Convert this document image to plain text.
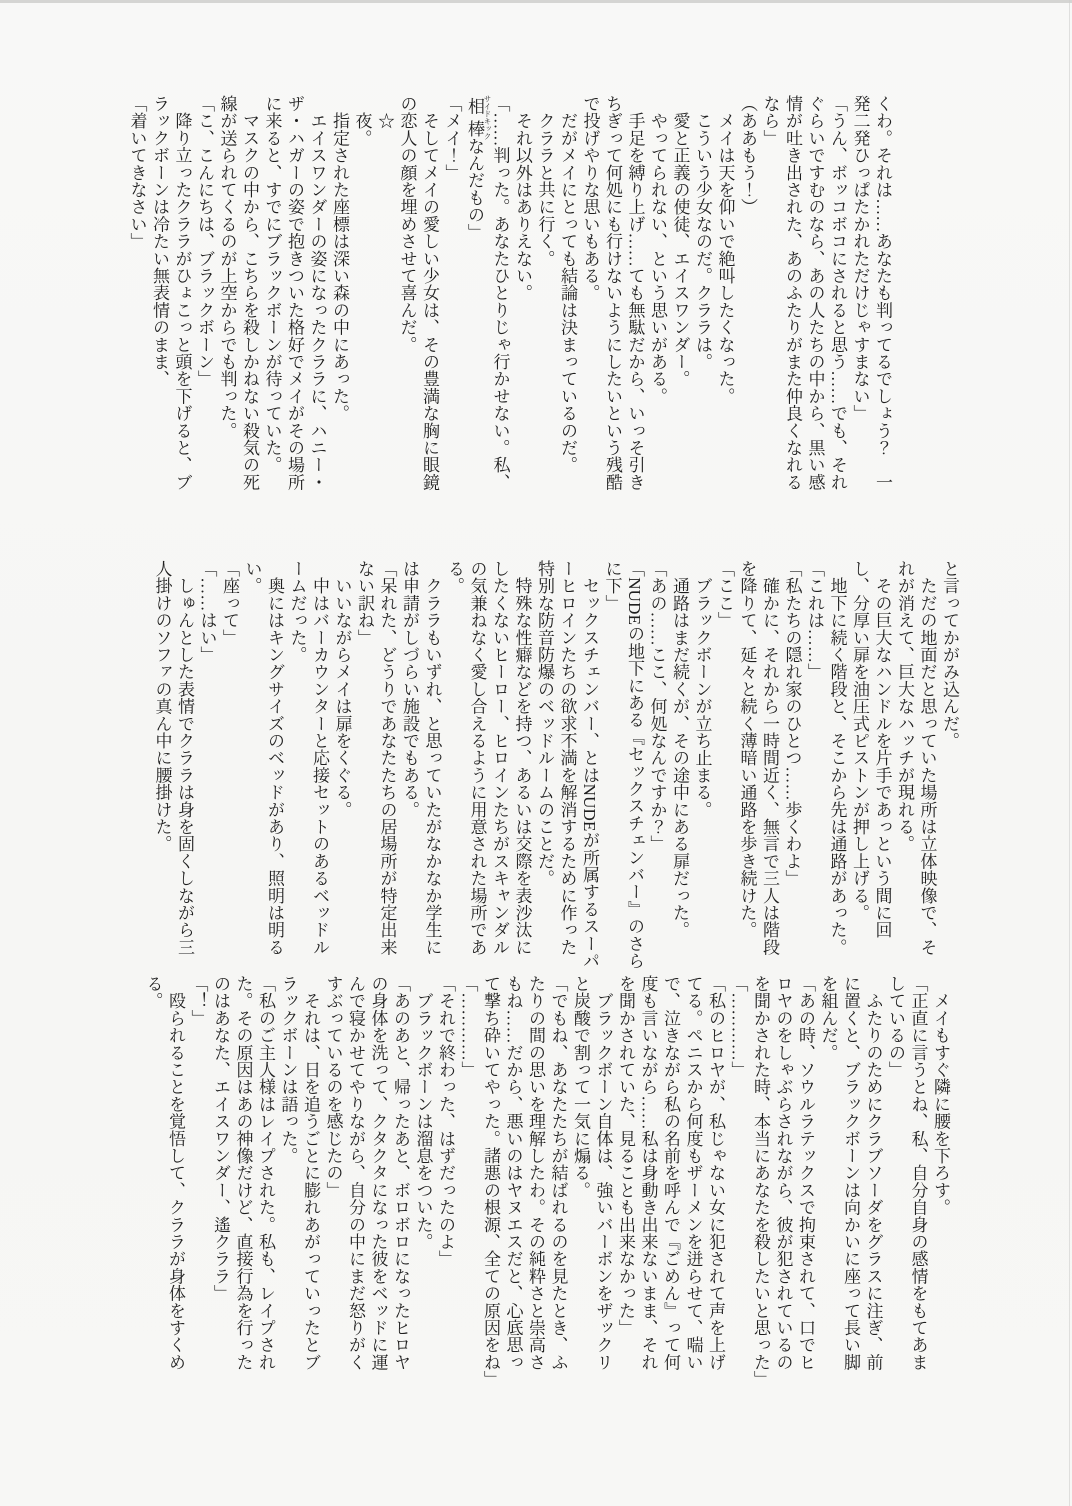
くわ。それは……あなたも判ってるでしょう？　一発二発ひっぱたかれただけじゃすまない」

「うん、ボッコボコにされると思う……でも、それぐらいですむのなら、あの人たちの中から、黒い感情が吐き出された、あのふたりがまた仲良くなれるなら」

（ああもう！）

　メイは天を仰いで絶叫したくなった。

　こういう少女なのだ。クララは。

　愛と正義の使徒、エイスワンダー。

　やってられない、という思いがある。

　手足を縛り上げ……ても無駄だから、いっそ引きちぎって何処にも行けないようにしたいという残酷で投げやりな思いもある。

　だがメイにとっても結論は決まっているのだ。

　クララと共に行く。

　それ以外はありえない。

「……判った。あなたひとりじゃ行かせない。私、相棒 サイドキックなんだもの」

「メイ！」

　そしてメイの愛しい少女は、その豊満な胸に眼鏡の恋人の顔を埋めさせて喜んだ。

　☆

　夜。

　指定された座標は深い森の中にあった。

　エイスワンダーの姿になったクララに、ハニー・ザ・ハガーの姿で抱きついた格好でメイがその場所に来ると、すでにブラックボーンが待っていた。

　マスクの中から、こちらを殺しかねない殺気の死線が送られてくるのが上空からでも判った。

「こ、こんにちは、ブラックボーン」

　降り立ったクララがひょこっと頭を下げると、ブラックボーンは冷たい無表情のまま、

「着いてきなさい」

と言ってかがみ込んだ。

　ただの地面だと思っていた場所は立体映像で、それが消えて、巨大なハッチが現れる。

　その巨大なハンドルを片手であっという間に回し、分厚い扉を油圧式ピストンが押し上げる。

　地下に続く階段と、そこから先は通路があった。

「これは……」

「私たちの隠れ家のひとつ……歩くわよ」

　確かに、それから一時間近く、無言で三人は階段を降りて、延々と続く薄暗い通路を歩き続けた。

「ここ」

　ブラックボーンが立ち止まる。

　通路はまだ続くが、その途中にある扉だった。

「あの……ここ、何処なんですか？」

「NUDEの地下にある『セックスチェンバー』のさらに下」

　セックスチェンバー、とはNUDEが所属するスーパーヒロインたちの欲求不満を解消するために作った特別な防音防爆のベッドルームのことだ。

　特殊な性癖などを持つ、あるいは交際を表沙汰にしたくないヒーロー、ヒロインたちがスキャンダルの気兼ねなく愛し合えるように用意された場所である。

　クララもいずれ、と思っていたがなかなか学生には申請がしづらい施設でもある。

「呆れた、どうりであなたたちの居場所が特定出来ない訳ね」

　いいながらメイは扉をくぐる。

　中はバーカウンターと応接セットのあるベッドルームだった。

　奥にはキングサイズのベッドがあり、照明は明るい。

「座って」

「……はい」

　しゅんとした表情でクララは身を固くしながら三人掛けのソファの真ん中に腰掛けた。

　メイもすぐ隣に腰を下ろす。

「正直に言うとね、私、自分自身の感情をもてあましているの」

　ふたりのためにクラブソーダをグラスに注ぎ、前に置くと、ブラックボーンは向かいに座って長い脚を組んだ。

「あの時、ソウルラテックスで拘束されて、口でヒロヤのをしゃぶらされながら、彼が犯されているのを聞かされた時、本当にあなたを殺したいと思った」

「…………」

「私のヒロヤが、私じゃない女に犯されて声を上げてる。ペニスから何度もザーメンを迸らせて、喘いで、泣きながら私の名前を呼んで『ごめん』って何度も言いながら……私は身動き出来ないまま、それを聞かされていた、見ることも出来なかった」

　ブラックボーン自体は、強いバーボンをザックリと炭酸で割って一気に煽る。

「でもね、あなたたちが結ばれるのを見たとき、ふたりの間の思いを理解したわ。その純粋さと崇高さもね……だから、悪いのはヤヌエスだと、心底思って撃ち砕いてやった。諸悪の根源、全ての原因をね」

「…………」

「それで終わった、はずだったのよ」

　ブラックボーンは溜息をついた。

「あのあと、帰ったあと、ボロボロになったヒロヤの身体を洗って、クタクタになった彼をベッドに運んで寝かせてやりながら、自分の中にまだ怒りがくすぶっているのを感じたの」

　それは、日を追うごとに膨れあがっていったとブラックボーンは語った。

「私のご主人様はレイプされた。私も、レイプされた。その原因はあの神像だけど、直接行為を行ったのはあなた、エイスワンダー、遙クララ」

「！」

　殴られることを覚悟して、クララが身体をすくめる。
